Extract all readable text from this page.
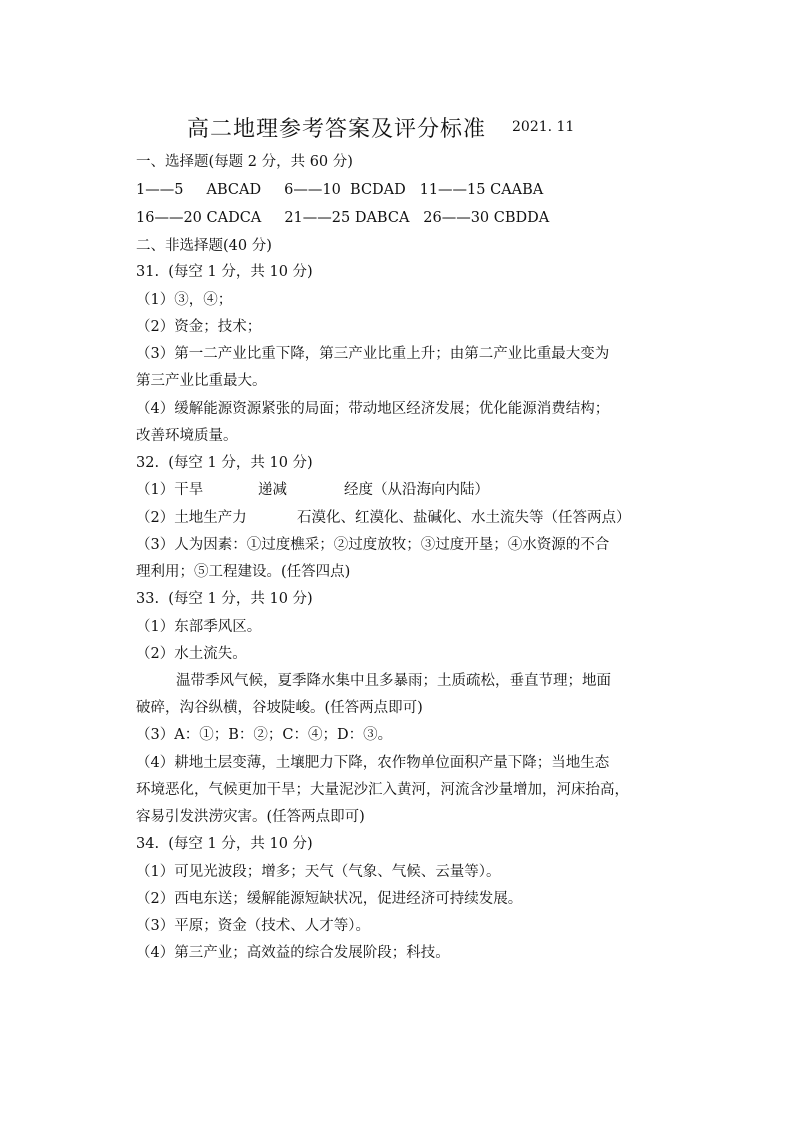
高二地理参考答案及评分标准 2021. 11
一、选择题(每题 2 分，共 60 分)
1——5     ABCAD     6——10  BCDAD   11——15 CAABA
16——20 CADCA     21——25 DABCA   26——30 CBDDA
二、非选择题(40 分)
31.  (每空 1 分，共 10 分)
（1）③，④；
（2）资金；技术；
（3）第一二产业比重下降，第三产业比重上升；由第二产业比重最大变为
第三产业比重最大。
（4）缓解能源资源紧张的局面；带动地区经济发展；优化能源消费结构；
改善环境质量。
32.  (每空 1 分，共 10 分)
（1）干旱	递减	经度（从沿海向内陆）
（2）土地生产力	石漠化、红漠化、盐碱化、水土流失等（任答两点）
（3）人为因素：①过度樵采；②过度放牧；③过度开垦；④水资源的不合
理利用；⑤工程建设。(任答四点)
33.  (每空 1 分，共 10 分)
（1）东部季风区。
（2）水土流失。
温带季风气候，夏季降水集中且多暴雨；土质疏松，垂直节理；地面
破碎，沟谷纵横，谷坡陡峻。(任答两点即可)
（3）A：①；B：②；C：④；D：③。
（4）耕地土层变薄，土壤肥力下降，农作物单位面积产量下降；当地生态
环境恶化，气候更加干旱；大量泥沙汇入黄河，河流含沙量增加，河床抬高，
容易引发洪涝灾害。(任答两点即可)
34.  (每空 1 分，共 10 分)
（1）可见光波段；增多；天气（气象、气候、云量等）。
（2）西电东送；缓解能源短缺状况，促进经济可持续发展。
（3）平原；资金（技术、人才等）。
（4）第三产业；高效益的综合发展阶段；科技。
